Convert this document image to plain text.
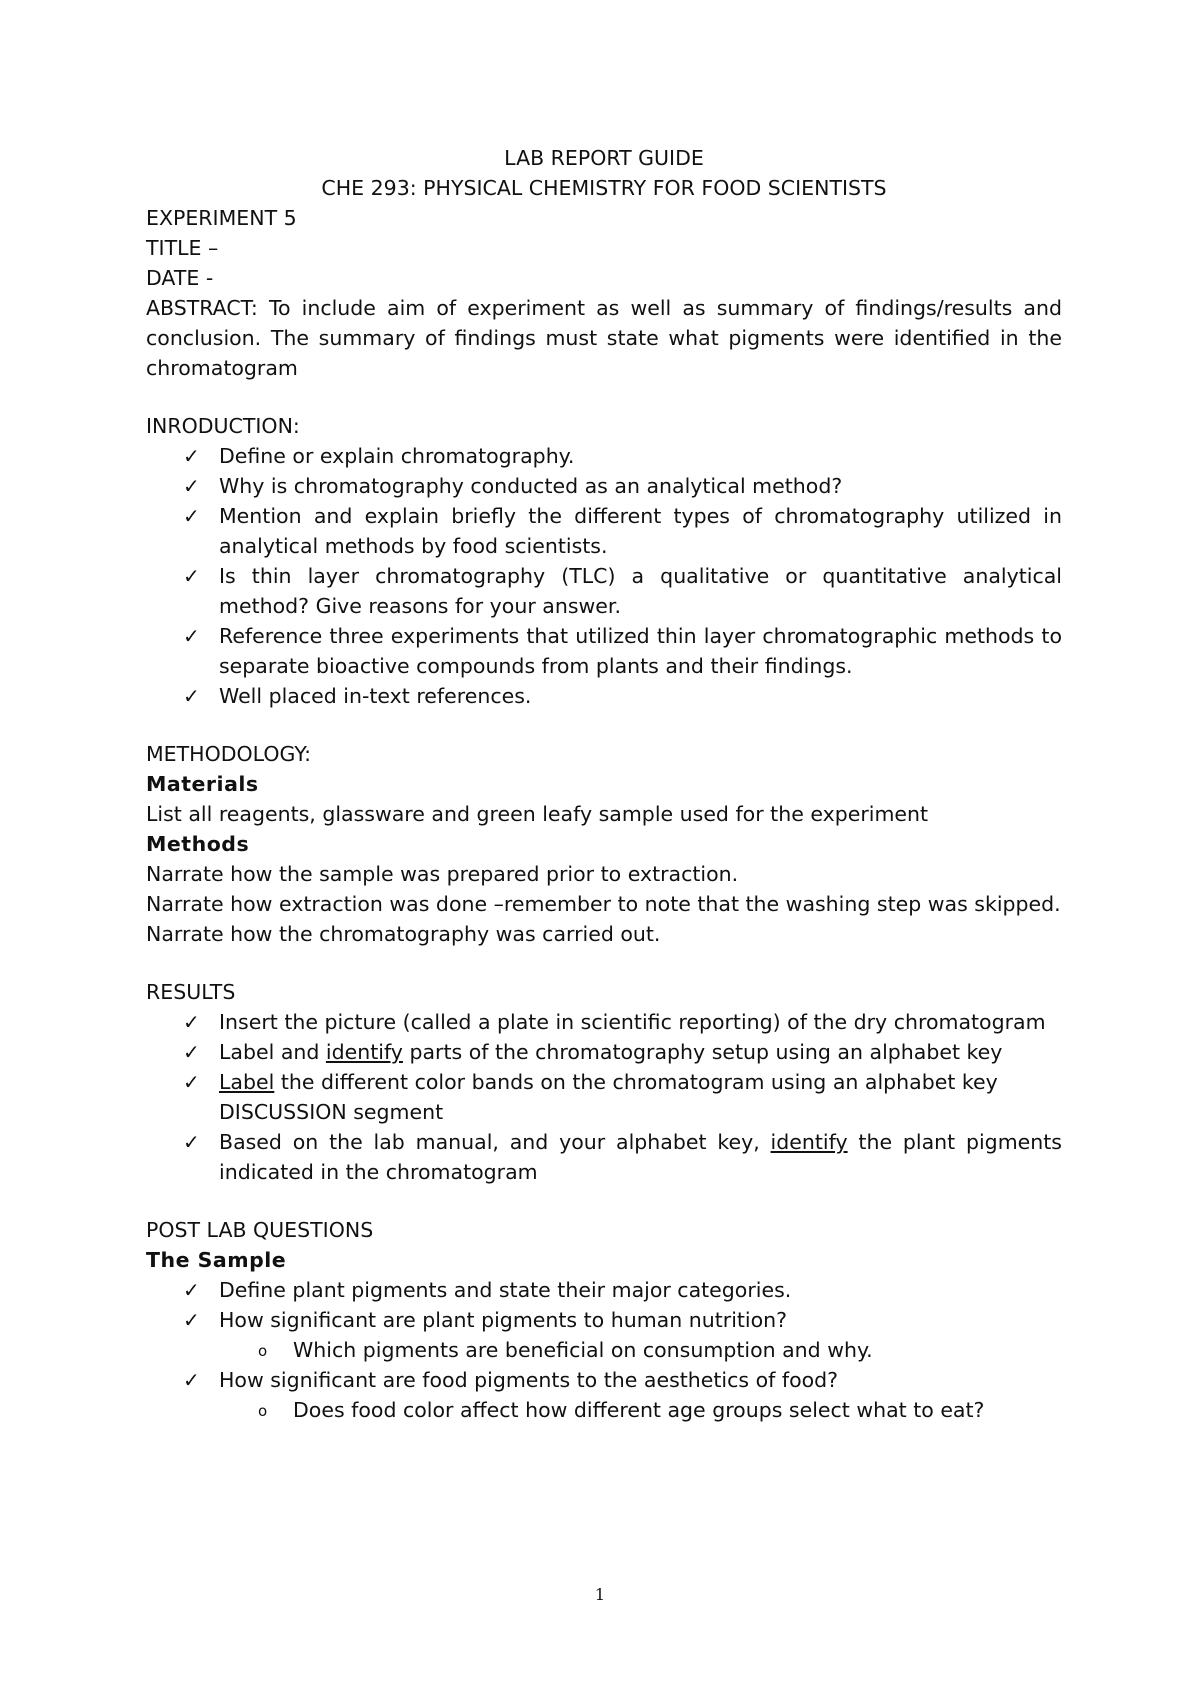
LAB REPORT GUIDE
CHE 293: PHYSICAL CHEMISTRY FOR FOOD SCIENTISTS
EXPERIMENT 5
TITLE –
DATE -

ABSTRACT: To include aim of experiment as well as summary of findings/results and conclusion. The summary of findings must state what pigments were identified in the chromatogram

INRODUCTION:
✓ Define or explain chromatography.
✓ Why is chromatography conducted as an analytical method?
✓ Mention and explain briefly the different types of chromatography utilized in analytical methods by food scientists.
✓ Is thin layer chromatography (TLC) a qualitative or quantitative analytical method? Give reasons for your answer.
✓ Reference three experiments that utilized thin layer chromatographic methods to separate bioactive compounds from plants and their findings.
✓ Well placed in-text references.
METHODOLOGY:
Materials
List all reagents, glassware and green leafy sample used for the experiment
Methods

Narrate how the sample was prepared prior to extraction.

Narrate how extraction was done –remember to note that the washing step was skipped.

Narrate how the chromatography was carried out.

RESULTS
✓ Insert the picture (called a plate in scientific reporting) of the dry chromatogram
✓ Label and identify parts of the chromatography setup using an alphabet key
✓ Label the different color bands on the chromatogram using an alphabet key
DISCUSSION segment
✓ Based on the lab manual, and your alphabet key, identify the plant pigments indicated in the chromatogram
POST LAB QUESTIONS
The Sample
✓ Define plant pigments and state their major categories.
✓ How significant are plant pigments to human nutrition?
o Which pigments are beneficial on consumption and why.
✓ How significant are food pigments to the aesthetics of food?
o Does food color affect how different age groups select what to eat?
1
